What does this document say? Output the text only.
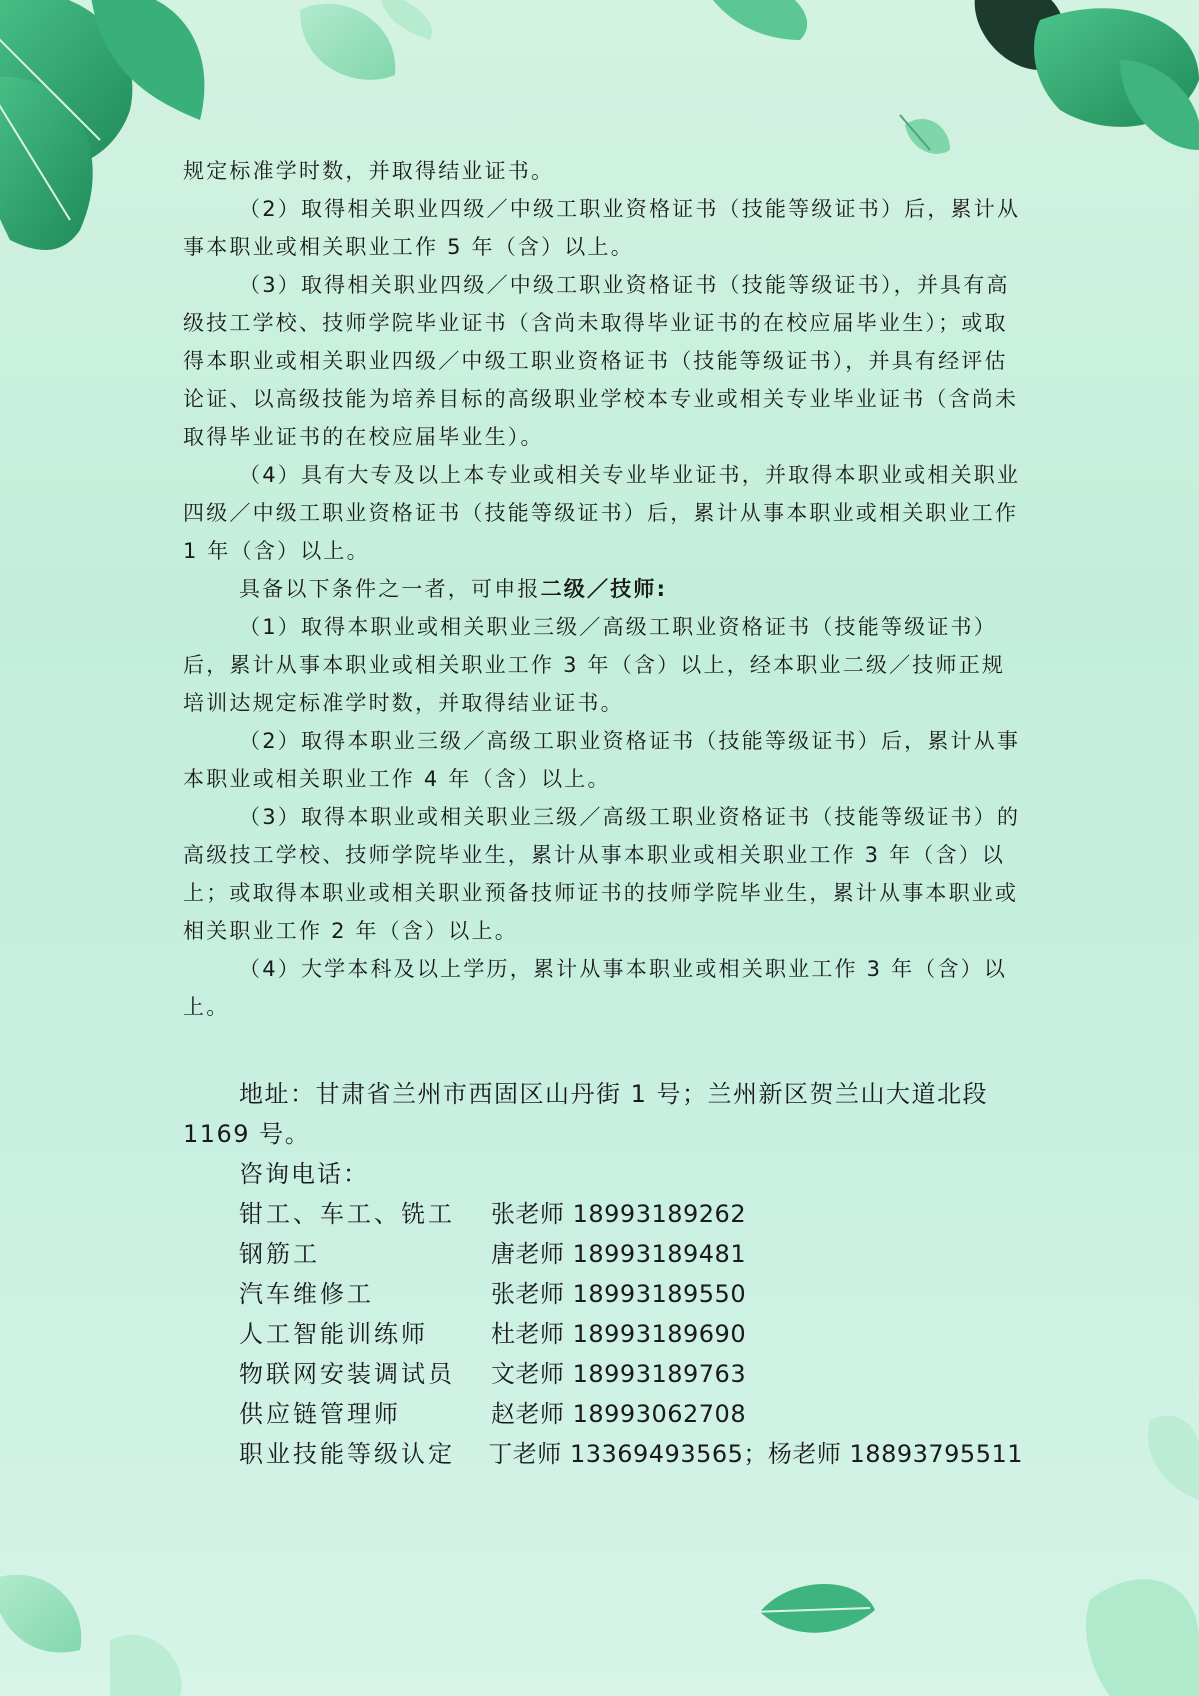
规定标准学时数，并取得结业证书。

（2）取得相关职业四级／中级工职业资格证书（技能等级证书）后，累计从事本职业或相关职业工作 5 年（含）以上。

（3）取得相关职业四级／中级工职业资格证书（技能等级证书），并具有高级技工学校、技师学院毕业证书（含尚未取得毕业证书的在校应届毕业生）；或取得本职业或相关职业四级／中级工职业资格证书（技能等级证书），并具有经评估论证、以高级技能为培养目标的高级职业学校本专业或相关专业毕业证书（含尚未取得毕业证书的在校应届毕业生）。

（4）具有大专及以上本专业或相关专业毕业证书，并取得本职业或相关职业四级／中级工职业资格证书（技能等级证书）后，累计从事本职业或相关职业工作 1 年（含）以上。

具备以下条件之一者，可申报二级／技师:

（1）取得本职业或相关职业三级／高级工职业资格证书（技能等级证书）后，累计从事本职业或相关职业工作 3 年（含）以上，经本职业二级／技师正规培训达规定标准学时数，并取得结业证书。

（2）取得本职业三级／高级工职业资格证书（技能等级证书）后，累计从事本职业或相关职业工作 4 年（含）以上。

（3）取得本职业或相关职业三级／高级工职业资格证书（技能等级证书）的高级技工学校、技师学院毕业生，累计从事本职业或相关职业工作 3 年（含）以上；或取得本职业或相关职业预备技师证书的技师学院毕业生，累计从事本职业或相关职业工作 2 年（含）以上。

（4）大学本科及以上学历，累计从事本职业或相关职业工作 3 年（含）以上。

地址：甘肃省兰州市西固区山丹街 1 号；兰州新区贺兰山大道北段 1169 号。

咨询电话：

钳工、车工、铣工	张老师 18993189262
钢筋工	唐老师 18993189481
汽车维修工	张老师 18993189550
人工智能训练师	杜老师 18993189690
物联网安装调试员	文老师 18993189763
供应链管理师	赵老师 18993062708
职业技能等级认定	丁老师 13369493565；杨老师 18893795511
